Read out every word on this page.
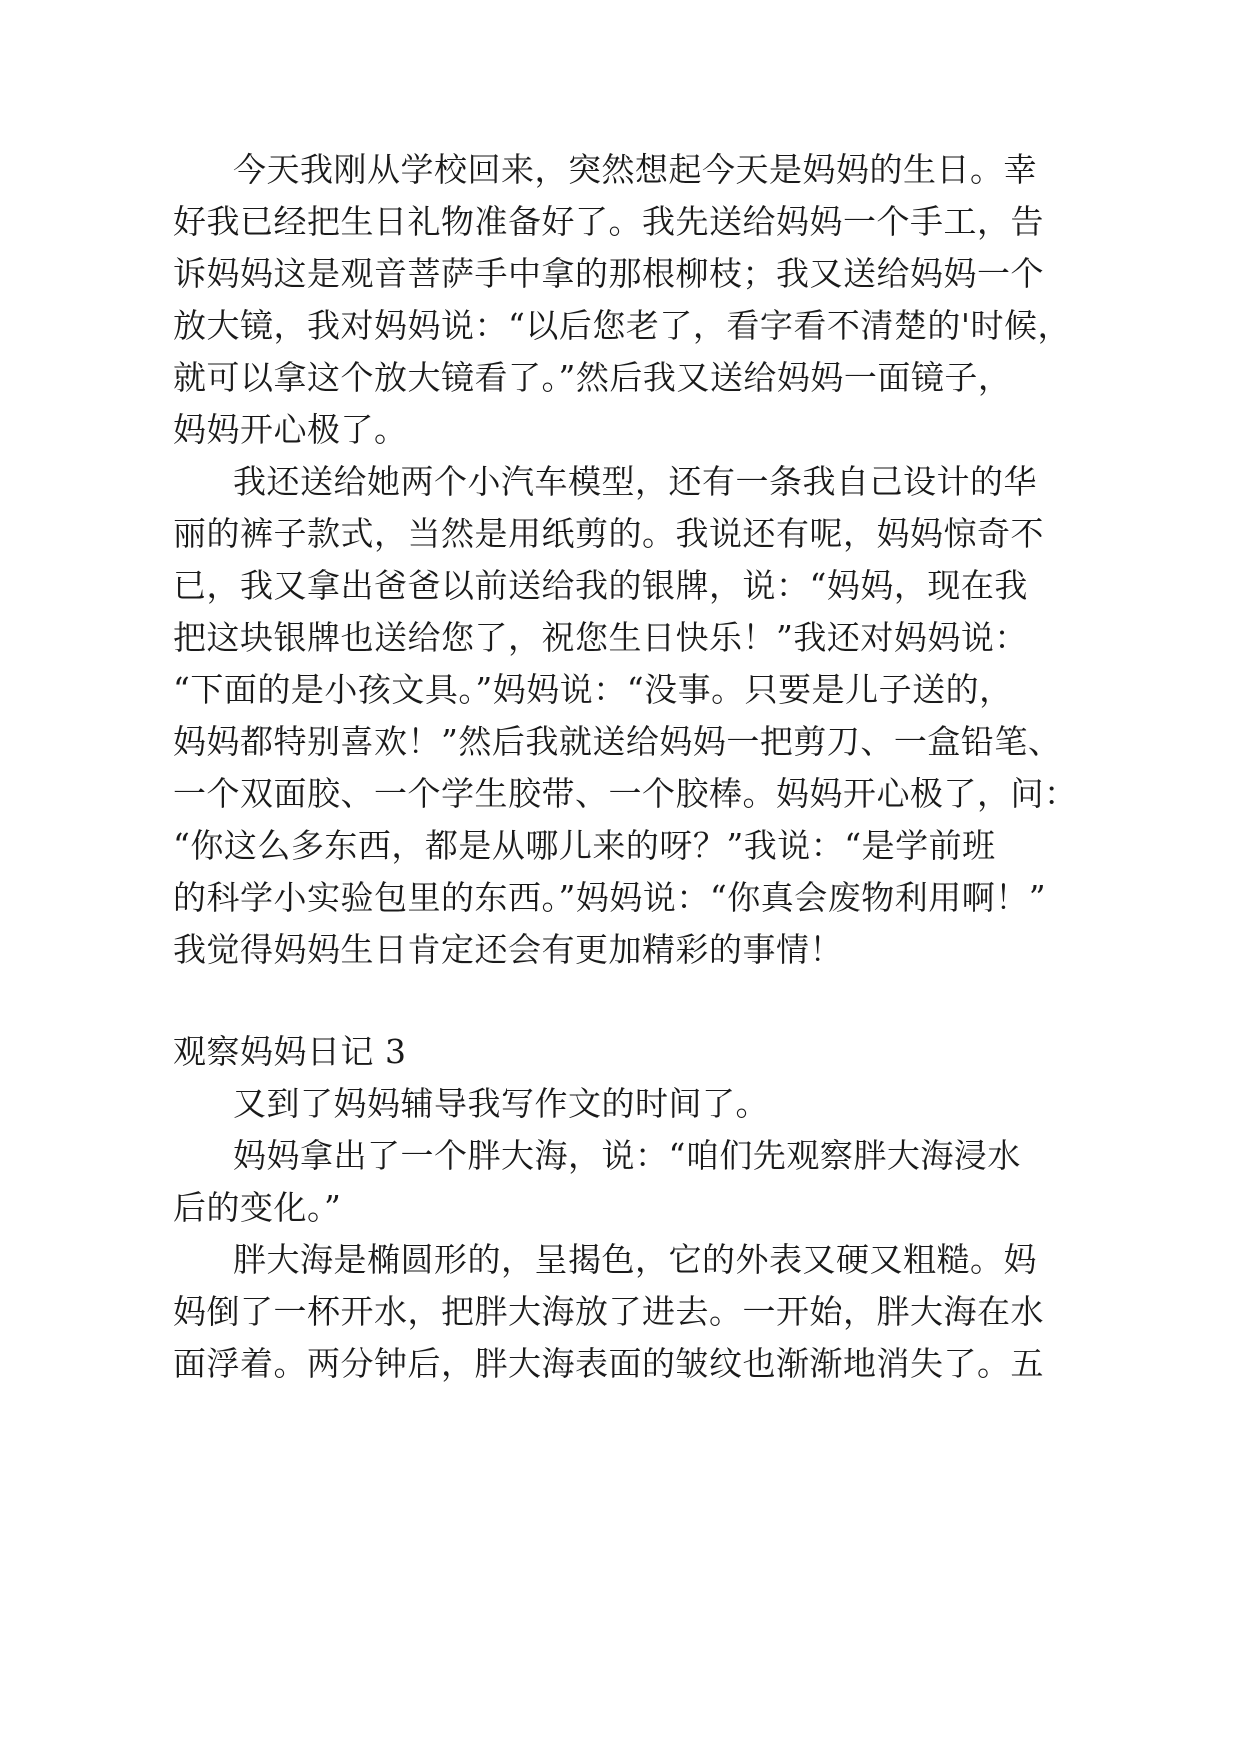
今天我刚从学校回来，突然想起今天是妈妈的生日。幸
好我已经把生日礼物准备好了。我先送给妈妈一个手工，告
诉妈妈这是观音菩萨手中拿的那根柳枝；我又送给妈妈一个
放大镜，我对妈妈说：“以后您老了，看字看不清楚的'时候，
就可以拿这个放大镜看了。”然后我又送给妈妈一面镜子，
妈妈开心极了。
我还送给她两个小汽车模型，还有一条我自己设计的华
丽的裤子款式，当然是用纸剪的。我说还有呢，妈妈惊奇不
已，我又拿出爸爸以前送给我的银牌，说：“妈妈，现在我
把这块银牌也送给您了，祝您生日快乐！”我还对妈妈说：
“下面的是小孩文具。”妈妈说：“没事。只要是儿子送的，
妈妈都特别喜欢！”然后我就送给妈妈一把剪刀、一盒铅笔、
一个双面胶、一个学生胶带、一个胶棒。妈妈开心极了，问：
“你这么多东西，都是从哪儿来的呀？”我说：“是学前班
的科学小实验包里的东西。”妈妈说：“你真会废物利用啊！”
我觉得妈妈生日肯定还会有更加精彩的事情！
观察妈妈日记 3
又到了妈妈辅导我写作文的时间了。
妈妈拿出了一个胖大海，说：“咱们先观察胖大海浸水
后的变化。”
胖大海是椭圆形的，呈揭色，它的外表又硬又粗糙。妈
妈倒了一杯开水，把胖大海放了进去。一开始，胖大海在水
面浮着。两分钟后，胖大海表面的皱纹也渐渐地消失了。五
